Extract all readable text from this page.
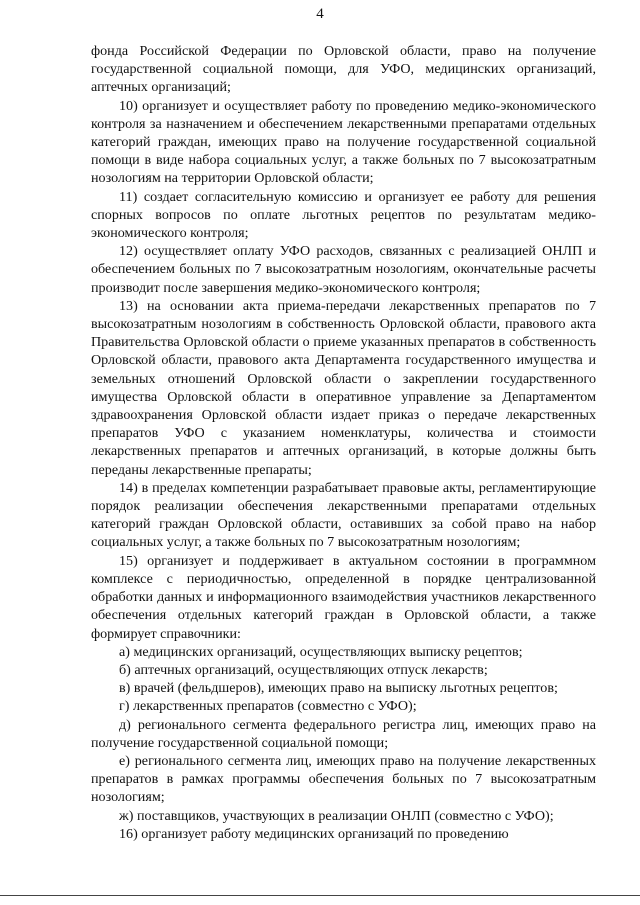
4

фонда Российской Федерации по Орловской области, право на получение государственной социальной помощи, для УФО, медицинских организаций, аптечных организаций;

10) организует и осуществляет работу по проведению медико-экономического контроля за назначением и обеспечением лекарственными препаратами отдельных категорий граждан, имеющих право на получение государственной социальной помощи в виде набора социальных услуг, а также больных по 7 высокозатратным нозологиям на территории Орловской области;

11) создает согласительную комиссию и организует ее работу для решения спорных вопросов по оплате льготных рецептов по результатам медико-экономического контроля;

12) осуществляет оплату УФО расходов, связанных с реализацией ОНЛП и обеспечением больных по 7 высокозатратным нозологиям, окончательные расчеты производит после завершения медико-экономического контроля;

13) на основании акта приема-передачи лекарственных препаратов по 7 высокозатратным нозологиям в собственность Орловской области, правового акта Правительства Орловской области о приеме указанных препаратов в собственность Орловской области, правового акта Департамента государственного имущества и земельных отношений Орловской области о закреплении государственного имущества Орловской области в оперативное управление за Департаментом здравоохранения Орловской области издает приказ о передаче лекарственных препаратов УФО с указанием номенклатуры, количества и стоимости лекарственных препаратов и аптечных организаций, в которые должны быть переданы лекарственные препараты;

14) в пределах компетенции разрабатывает правовые акты, регламентирующие порядок реализации обеспечения лекарственными препаратами отдельных категорий граждан Орловской области, оставивших за собой право на набор социальных услуг, а также больных по 7 высокозатратным нозологиям;

15) организует и поддерживает в актуальном состоянии в программном комплексе с периодичностью, определенной в порядке централизованной обработки данных и информационного взаимодействия участников лекарственного обеспечения отдельных категорий граждан в Орловской области, а также формирует справочники:

а) медицинских организаций, осуществляющих выписку рецептов;

б) аптечных организаций, осуществляющих отпуск лекарств;

в) врачей (фельдшеров), имеющих право на выписку льготных рецептов;

г) лекарственных препаратов (совместно с УФО);

д) регионального сегмента федерального регистра лиц, имеющих право на получение государственной социальной помощи;

е) регионального сегмента лиц, имеющих право на получение лекарственных препаратов в рамках программы обеспечения больных по 7 высокозатратным нозологиям;

ж) поставщиков, участвующих в реализации ОНЛП (совместно с УФО);

16) организует работу медицинских организаций по проведению
